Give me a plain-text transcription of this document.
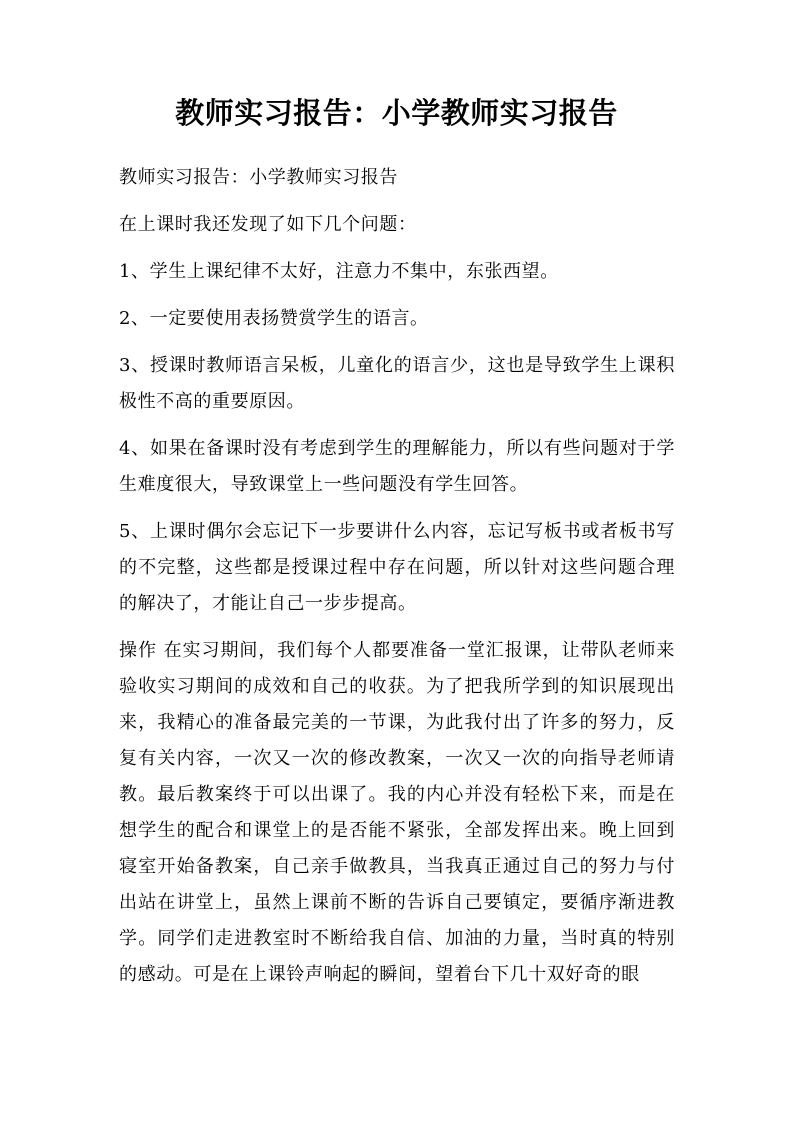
教师实习报告：小学教师实习报告

教师实习报告：小学教师实习报告

在上课时我还发现了如下几个问题：

1、学生上课纪律不太好，注意力不集中，东张西望。

2、一定要使用表扬赞赏学生的语言。

3、授课时教师语言呆板，儿童化的语言少，这也是导致学生上课积极性不高的重要原因。

4、如果在备课时没有考虑到学生的理解能力，所以有些问题对于学生难度很大，导致课堂上一些问题没有学生回答。

5、上课时偶尔会忘记下一步要讲什么内容，忘记写板书或者板书写的不完整，这些都是授课过程中存在问题，所以针对这些问题合理的解决了，才能让自己一步步提高。

操作 在实习期间，我们每个人都要准备一堂汇报课，让带队老师来验收实习期间的成效和自己的收获。为了把我所学到的知识展现出来，我精心的准备最完美的一节课，为此我付出了许多的努力，反复有关内容，一次又一次的修改教案，一次又一次的向指导老师请教。最后教案终于可以出课了。我的内心并没有轻松下来，而是在想学生的配合和课堂上的是否能不紧张，全部发挥出来。晚上回到寝室开始备教案，自己亲手做教具，当我真正通过自己的努力与付出站在讲堂上，虽然上课前不断的告诉自己要镇定，要循序渐进教学。同学们走进教室时不断给我自信、加油的力量，当时真的特别的感动。可是在上课铃声响起的瞬间，望着台下几十双好奇的眼
